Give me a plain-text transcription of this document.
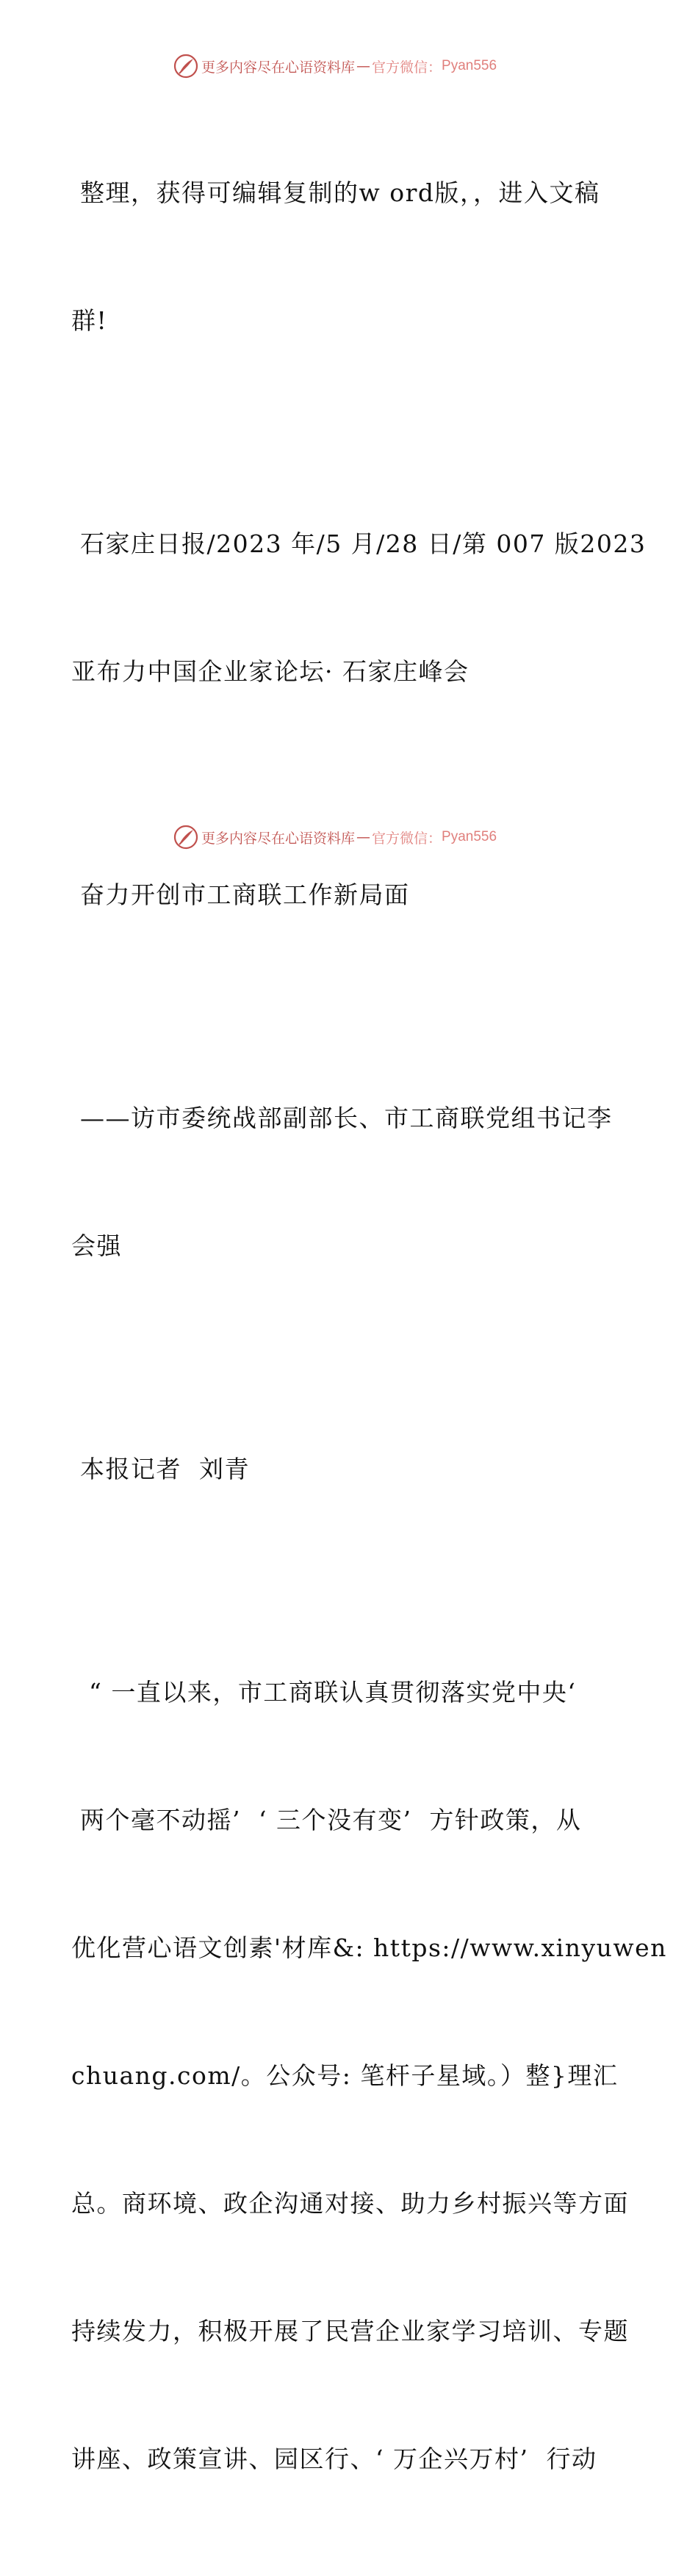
更多内容尽在心语资料库 — 官方微信： Pyan556

整理，获得可编辑复制的w ord版，，进入文稿

群!

石家庄日报/2023 年/5 月/28 日/第 007 版2023

亚布力中国企业家论坛· 石家庄峰会

奋力开创市工商联工作新局面

——访市委统战部副部长、市工商联党组书记李

会强

本报记者  刘青

“ 一直以来，市工商联认真贯彻落实党中央‘

两个毫不动摇’  ‘ 三个没有变’  方针政策，从

优化营心语文创素'材库&: https://www.xinyuwen

chuang.com/。公众号: 笔杆子星域。）整}理汇

总。商环境、政企沟通对接、助力乡村振兴等方面

持续发力，积极开展了民营企业家学习培训、专题

讲座、政策宣讲、园区行、‘ 万企兴万村’  行动

更多内容尽在心语资料库 — 官方微信： Pyan556
